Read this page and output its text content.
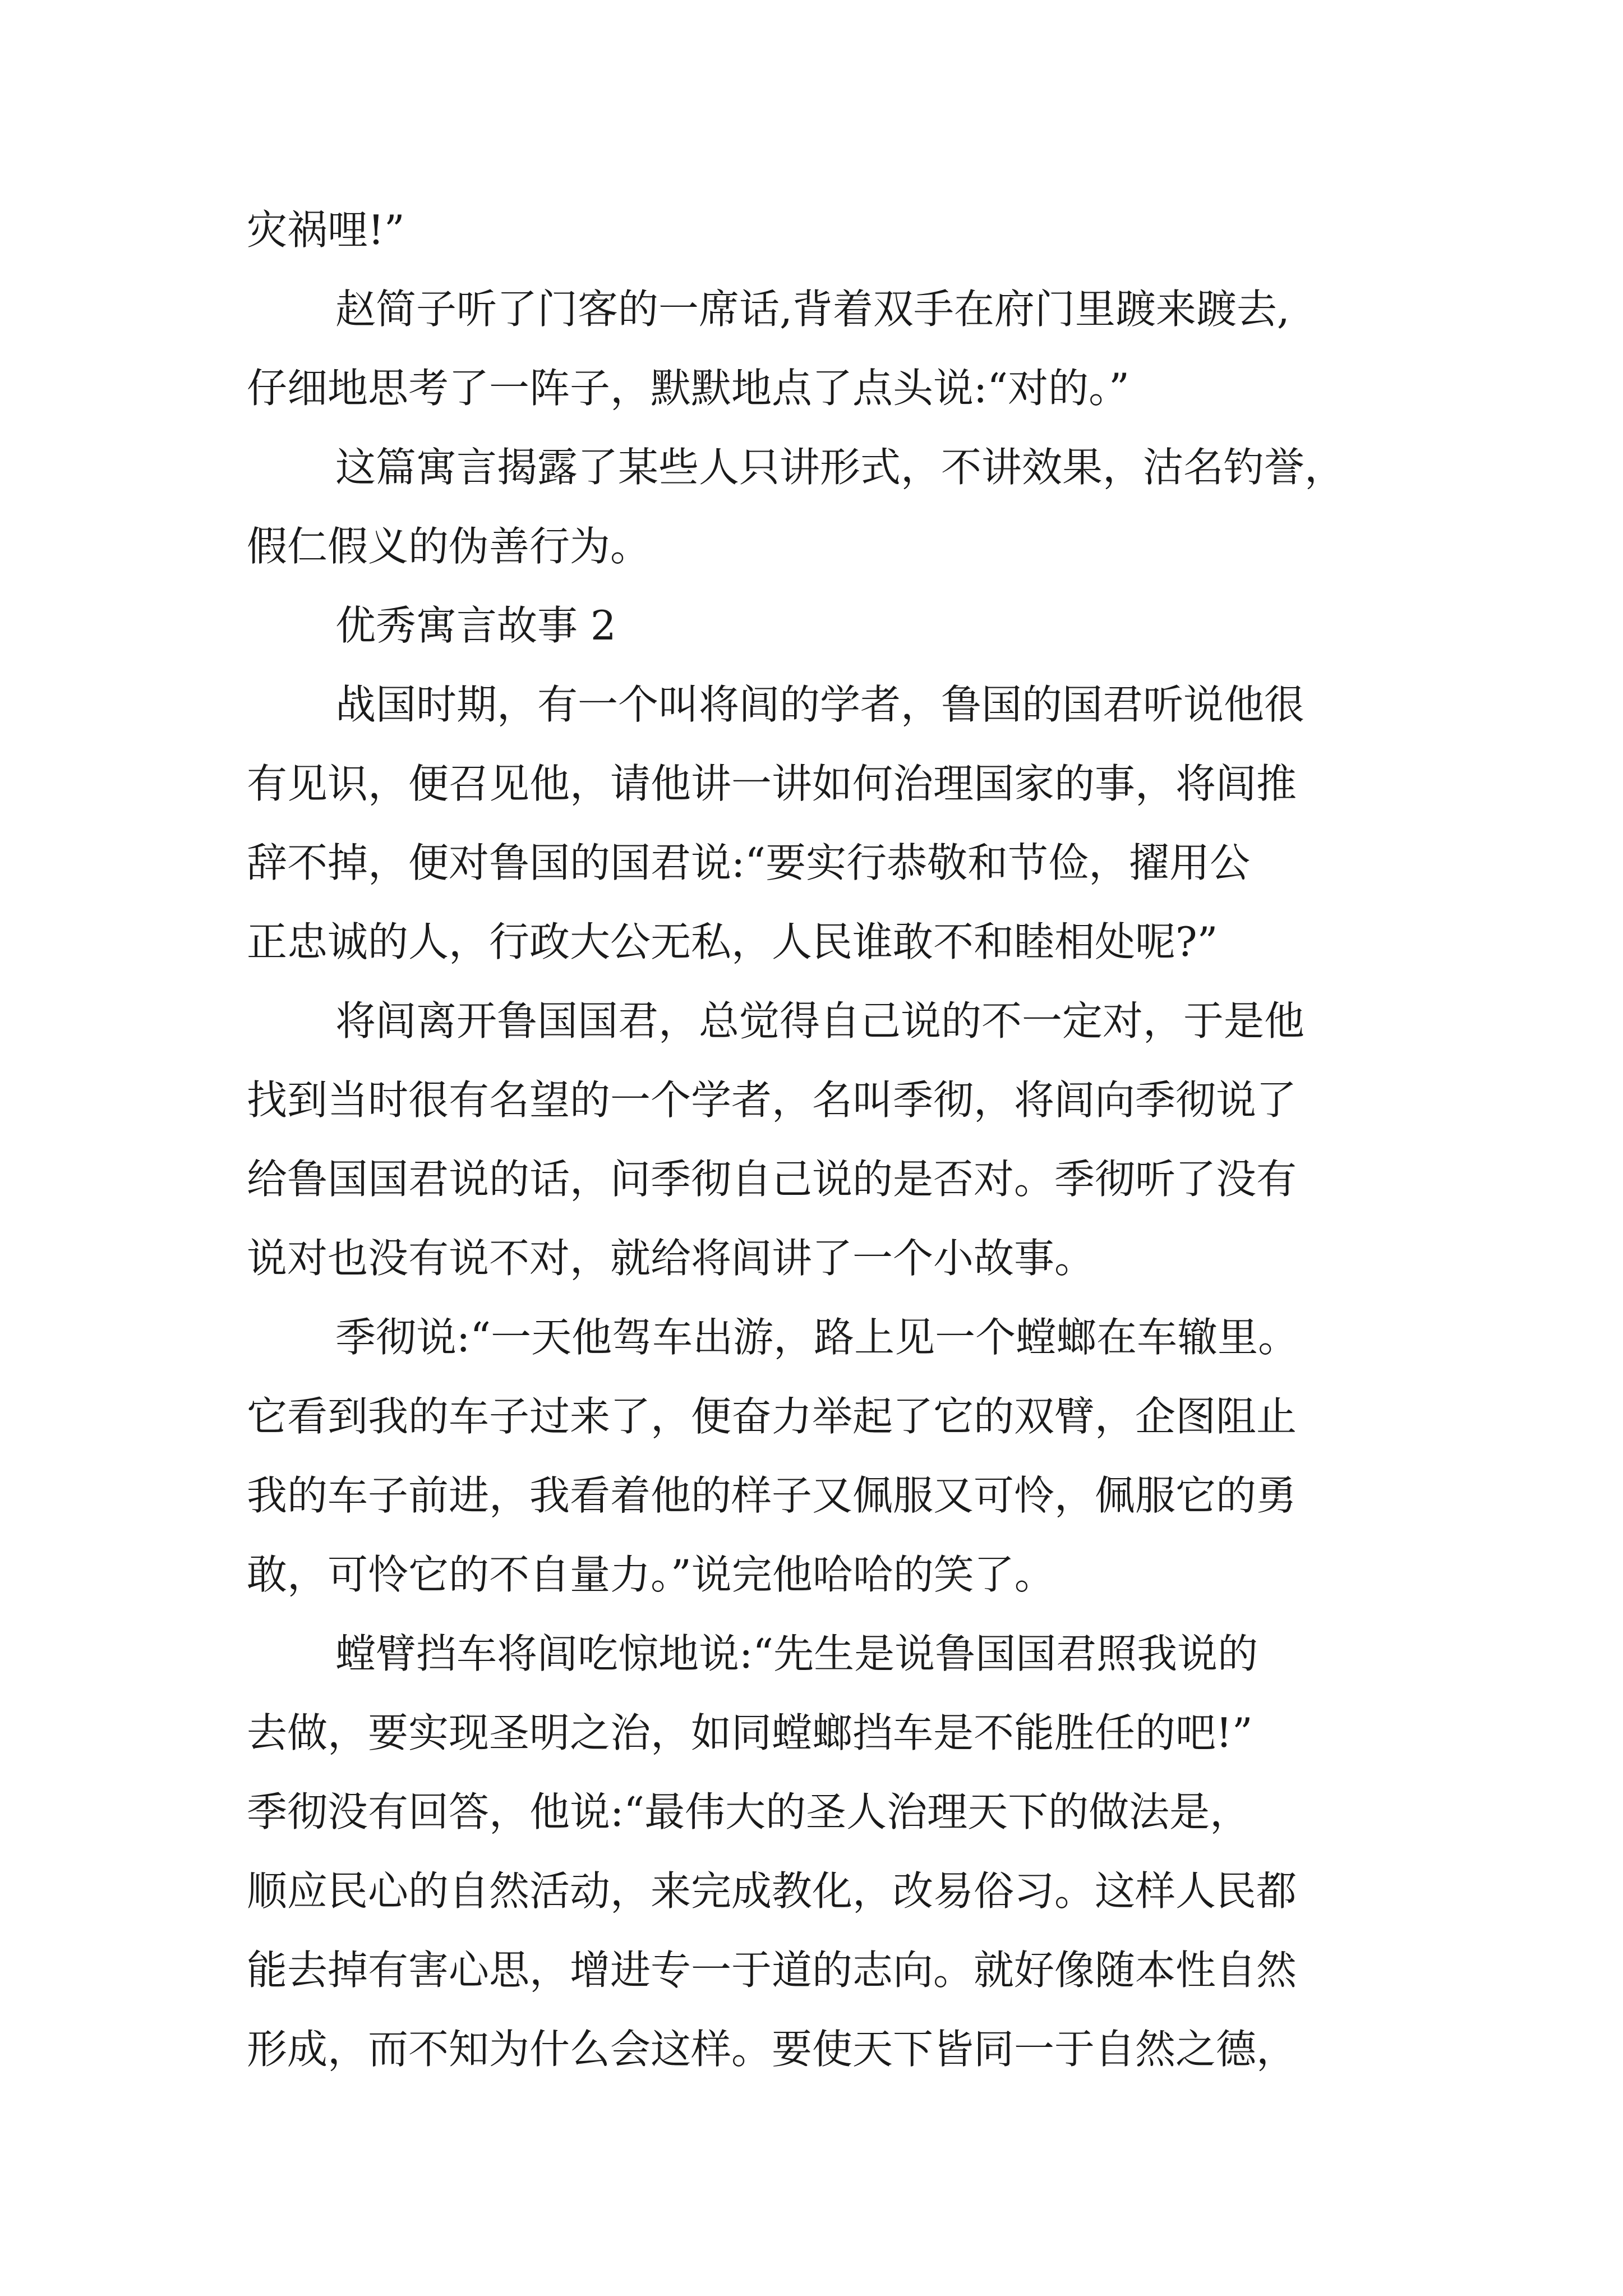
灾祸哩!”
赵简子听了门客的一席话,背着双手在府门里踱来踱去,
仔细地思考了一阵子，默默地点了点头说:“对的。”
这篇寓言揭露了某些人只讲形式，不讲效果，沽名钓誉，
假仁假义的伪善行为。
优秀寓言故事 2
战国时期，有一个叫将闾的学者，鲁国的国君听说他很
有见识，便召见他，请他讲一讲如何治理国家的事，将闾推
辞不掉，便对鲁国的国君说:“要实行恭敬和节俭，擢用公
正忠诚的人，行政大公无私，人民谁敢不和睦相处呢?”
将闾离开鲁国国君，总觉得自己说的不一定对，于是他
找到当时很有名望的一个学者，名叫季彻，将闾向季彻说了
给鲁国国君说的话，问季彻自己说的是否对。季彻听了没有
说对也没有说不对，就给将闾讲了一个小故事。
季彻说:“一天他驾车出游，路上见一个螳螂在车辙里。
它看到我的车子过来了，便奋力举起了它的双臂，企图阻止
我的车子前进，我看着他的样子又佩服又可怜，佩服它的勇
敢，可怜它的不自量力。”说完他哈哈的笑了。
螳臂挡车将闾吃惊地说:“先生是说鲁国国君照我说的
去做，要实现圣明之治，如同螳螂挡车是不能胜任的吧!”
季彻没有回答，他说:“最伟大的圣人治理天下的做法是，
顺应民心的自然活动，来完成教化，改易俗习。这样人民都
能去掉有害心思，增进专一于道的志向。就好像随本性自然
形成，而不知为什么会这样。要使天下皆同一于自然之德，
